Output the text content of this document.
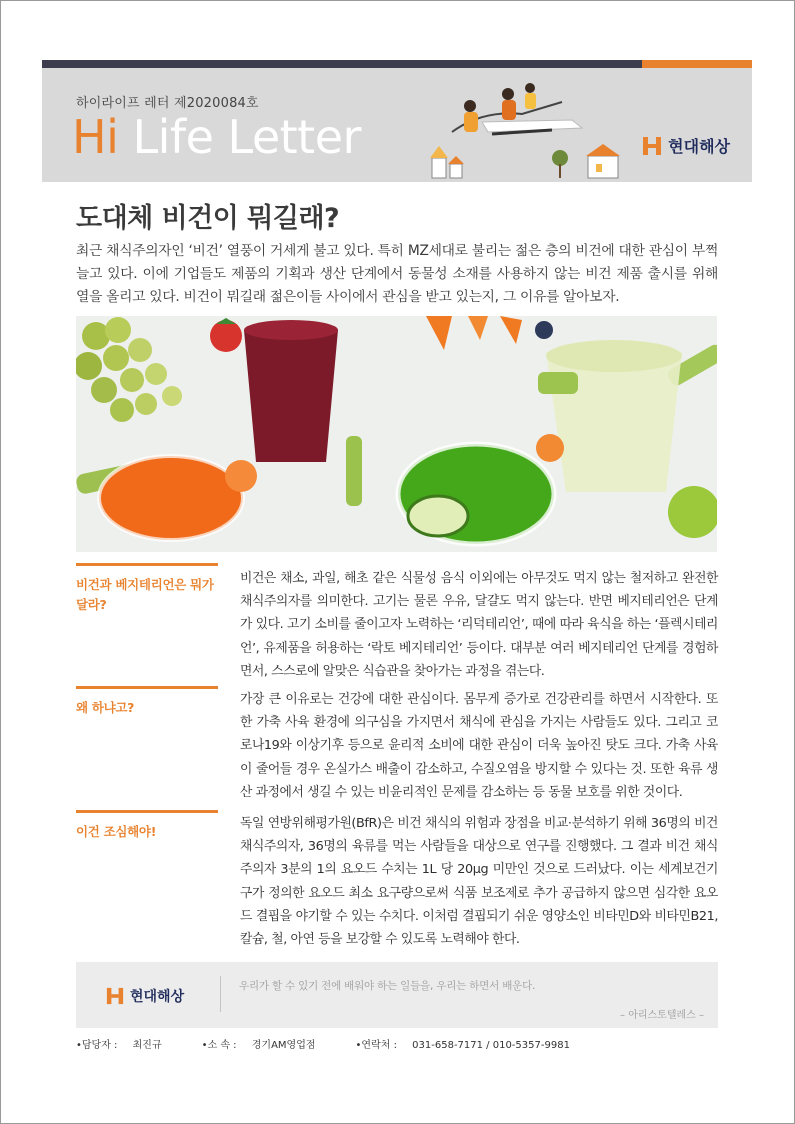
하이라이프 레터 제2020084호
Hi Life Letter	현대해상
도대체 비건이 뭐길래?

최근 채식주의자인 ‘비건’ 열풍이 거세게 불고 있다. 특히 MZ세대로 불리는 젊은 층의 비건에 대한 관심이 부쩍 늘고 있다. 이에 기업들도 제품의 기획과 생산 단계에서 동물성 소재를 사용하지 않는 비건 제품 출시를 위해 열을 올리고 있다. 비건이 뭐길래 젊은이들 사이에서 관심을 받고 있는지, 그 이유를 알아보자.

비건과 베지테리언은 뭐가 달라?
비건은 채소, 과일, 해초 같은 식물성 음식 이외에는 아무것도 먹지 않는 철저하고 완전한 채식주의자를 의미한다. 고기는 물론 우유, 달걀도 먹지 않는다. 반면 베지테리언은 단계가 있다. 고기 소비를 줄이고자 노력하는 ‘리덕테리언’, 때에 따라 육식을 하는 ‘플렉시테리언’, 유제품을 허용하는 ‘락토 베지테리언’ 등이다. 대부분 여러 베지테리언 단계를 경험하면서, 스스로에 알맞은 식습관을 찾아가는 과정을 겪는다.
왜 하냐고?
가장 큰 이유로는 건강에 대한 관심이다. 몸무게 증가로 건강관리를 하면서 시작한다. 또한 가축 사육 환경에 의구심을 가지면서 채식에 관심을 가지는 사람들도 있다. 그리고 코로나19와 이상기후 등으로 윤리적 소비에 대한 관심이 더욱 높아진 탓도 크다. 가축 사육이 줄어들 경우 온실가스 배출이 감소하고, 수질오염을 방지할 수 있다는 것. 또한 육류 생산 과정에서 생길 수 있는 비윤리적인 문제를 감소하는 등 동물 보호를 위한 것이다.
이건 조심해야!
독일 연방위해평가원(BfR)은 비건 채식의 위험과 장점을 비교·분석하기 위해 36명의 비건 채식주의자, 36명의 육류를 먹는 사람들을 대상으로 연구를 진행했다. 그 결과 비건 채식주의자 3분의 1의 요오드 수치는 1L 당 20μg 미만인 것으로 드러났다. 이는 세계보건기구가 정의한 요오드 최소 요구량으로써 식품 보조제로 추가 공급하지 않으면 심각한 요오드 결핍을 야기할 수 있는 수치다. 이처럼 결핍되기 쉬운 영양소인 비타민D와 비타민B21, 칼슘, 철, 아연 등을 보강할 수 있도록 노력해야 한다.
현대해상
우리가 할 수 있기 전에 배워야 하는 일들을, 우리는 하면서 배운다.
– 아리스토텔레스 –
•담당자 : 최진규	•소 속 : 경기AM영업점	•연락처 : 031-658-7171 / 010-5357-9981
